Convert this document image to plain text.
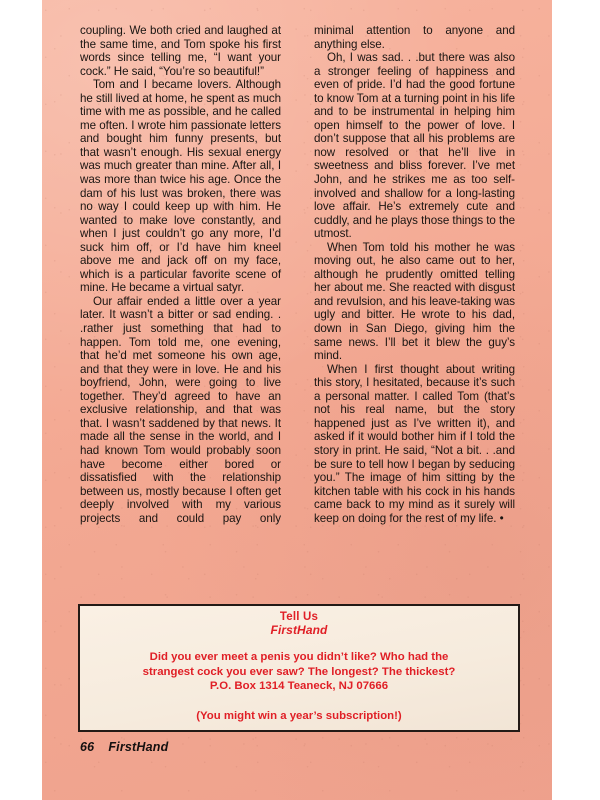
coupling. We both cried and laughed at the same time, and Tom spoke his first words since telling me, “I want your cock.” He said, “You’re so beautiful!”

Tom and I became lovers. Although he still lived at home, he spent as much time with me as possible, and he called me often. I wrote him passionate letters and bought him funny presents, but that wasn’t enough. His sexual energy was much greater than mine. After all, I was more than twice his age. Once the dam of his lust was broken, there was no way I could keep up with him. He wanted to make love constantly, and when I just couldn’t go any more, I’d suck him off, or I’d have him kneel above me and jack off on my face, which is a particular favorite scene of mine. He became a virtual satyr.

Our affair ended a little over a year later. It wasn’t a bitter or sad ending. . .rather just something that had to happen. Tom told me, one evening, that he’d met someone his own age, and that they were in love. He and his boyfriend, John, were going to live together. They’d agreed to have an exclusive relationship, and that was that. I wasn’t saddened by that news. It made all the sense in the world, and I had known Tom would probably soon have become either bored or dissatisfied with the relationship between us, mostly because I often get deeply involved with my various projects and could pay only

minimal attention to anyone and anything else.

Oh, I was sad. . .but there was also a stronger feeling of happiness and even of pride. I’d had the good fortune to know Tom at a turning point in his life and to be instrumental in helping him open himself to the power of love. I don’t suppose that all his problems are now resolved or that he’ll live in sweetness and bliss forever. I’ve met John, and he strikes me as too self-involved and shallow for a long-lasting love affair. He’s extremely cute and cuddly, and he plays those things to the utmost.

When Tom told his mother he was moving out, he also came out to her, although he prudently omitted telling her about me. She reacted with disgust and revulsion, and his leave-taking was ugly and bitter. He wrote to his dad, down in San Diego, giving him the same news. I’ll bet it blew the guy’s mind.

When I first thought about writing this story, I hesitated, because it’s such a personal matter. I called Tom (that’s not his real name, but the story happened just as I’ve written it), and asked if it would bother him if I told the story in print. He said, “Not a bit. . .and be sure to tell how I began by seducing you.” The image of him sitting by the kitchen table with his cock in his hands came back to my mind as it surely will keep on doing for the rest of my life. •

Tell Us

FirstHand

Did you ever meet a penis you didn’t like? Who had the

strangest cock you ever saw? The longest? The thickest?

P.O. Box 1314 Teaneck, NJ 07666

(You might win a year’s subscription!)

66 FirstHand
